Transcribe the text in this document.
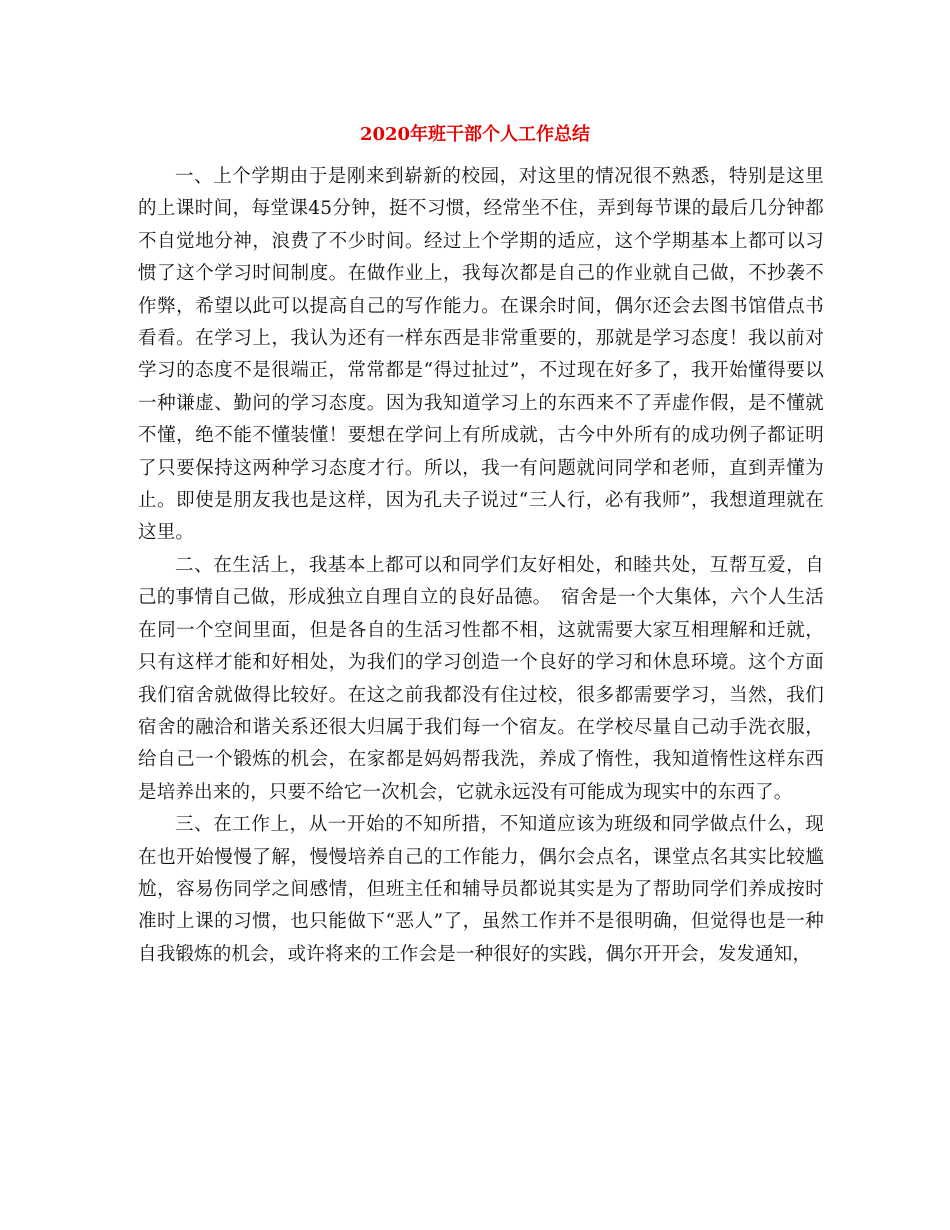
2020年班干部个人工作总结

一、上个学期由于是刚来到崭新的校园，对这里的情况很不熟悉，特别是这里的上课时间，每堂课45分钟，挺不习惯，经常坐不住，弄到每节课的最后几分钟都不自觉地分神，浪费了不少时间。经过上个学期的适应，这个学期基本上都可以习惯了这个学习时间制度。在做作业上，我每次都是自己的作业就自己做，不抄袭不作弊，希望以此可以提高自己的写作能力。在课余时间，偶尔还会去图书馆借点书看看。在学习上，我认为还有一样东西是非常重要的，那就是学习态度！我以前对学习的态度不是很端正，常常都是“得过扯过”，不过现在好多了，我开始懂得要以一种谦虚、勤问的学习态度。因为我知道学习上的东西来不了弄虚作假，是不懂就不懂，绝不能不懂装懂！要想在学问上有所成就，古今中外所有的成功例子都证明了只要保持这两种学习态度才行。所以，我一有问题就问同学和老师，直到弄懂为止。即使是朋友我也是这样，因为孔夫子说过“三人行，必有我师”，我想道理就在这里。

二、在生活上，我基本上都可以和同学们友好相处，和睦共处，互帮互爱，自己的事情自己做，形成独立自理自立的良好品德。　宿舍是一个大集体，六个人生活在同一个空间里面，但是各自的生活习性都不相，这就需要大家互相理解和迁就，只有这样才能和好相处，为我们的学习创造一个良好的学习和休息环境。这个方面我们宿舍就做得比较好。在这之前我都没有住过校，很多都需要学习，当然，我们宿舍的融洽和谐关系还很大归属于我们每一个宿友。在学校尽量自己动手洗衣服，给自己一个锻炼的机会，在家都是妈妈帮我洗，养成了惰性，我知道惰性这样东西是培养出来的，只要不给它一次机会，它就永远没有可能成为现实中的东西了。

三、在工作上，从一开始的不知所措，不知道应该为班级和同学做点什么，现在也开始慢慢了解，慢慢培养自己的工作能力，偶尔会点名，课堂点名其实比较尴尬，容易伤同学之间感情，但班主任和辅导员都说其实是为了帮助同学们养成按时准时上课的习惯，也只能做下“恶人”了，虽然工作并不是很明确，但觉得也是一种自我锻炼的机会，或许将来的工作会是一种很好的实践，偶尔开开会，发发通知，
